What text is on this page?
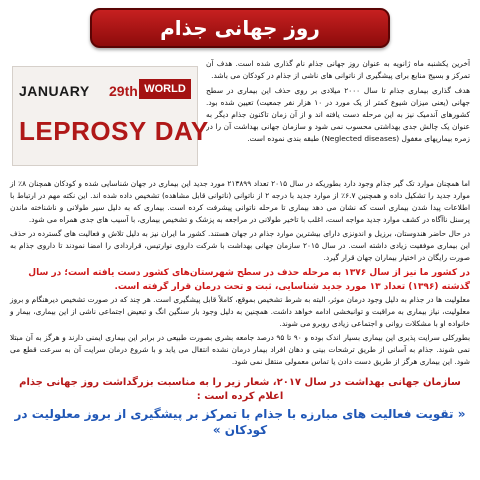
روز جهانی جذام
JANUARY 29th WORLD
LEPROSY DAY

آخرین یکشنبه ماه ژانویه به عنوان روز جهانی جذام نام گذاری شده است. هدف آن تمرکز و بسیج منابع برای پیشگیری از ناتوانی های ناشی از جذام در کودکان می باشد.

هدف گذاری بیماری جذام تا سال ۲۰۰۰ میلادی بر روی حذف این بیماری در سطح جهانی (یعنی میزان شیوع کمتر از یک مورد در ۱۰ هزار نفر جمعیت) تعیین شده بود. کشورهای آندمیک نیز به این مرحله دست یافته اند و از آن زمان تاکنون جذام دیگر به عنوان یک چالش جدی بهداشتی محسوب نمی شود و سازمان جهانی بهداشت آن را در زمره بیماریهای مغفول (Neglected diseases) طبقه بندی نموده است.

اما همچنان موارد تک گیر جذام وجود دارد بطوریکه در سال ۲۰۱۵ تعداد ۲۱۳۸۹۹ مورد جدید این بیماری در جهان شناسایی شده و کودکان همچنان ۸٪ از موارد جدید را تشکیل داده و همچنین ۶.۷٪ از موارد جدید با درجه ۲ از ناتوانی (ناتوانی قابل مشاهده) تشخیص داده شده اند. این نکته مهم در ارتباط با اطلاعات پیدا شدن بیماری است که نشان می دهد بیماری تا مرحله ناتوانی پیشرفت کرده است. بیماری که به دلیل سیر طولانی و ناشناخته ماندن پرسنل ناآگاه در کشف موارد جدید مواجه است، اغلب با تاخیر طولانی در مراجعه به پزشک و تشخیص بیماری، با آسیب های جدی همراه می شود.

در حال حاضر هندوستان، برزیل و اندونزی دارای بیشترین موارد جذام در جهان هستند. کشور ما ایران نیز به دلیل تلاش و فعالیت های گسترده در حذف این بیماری موفقیت زیادی داشته است. در سال ۲۰۱۵ سازمان جهانی بهداشت با شرکت داروی نوارتیس، قراردادی را امضا نمودند تا داروی جذام به صورت رایگان در اختیار بیماران جهان قرار گیرد.

در کشور ما نیز از سال ۱۳۷۶ به مرحله حذف در سطح شهرستان‌های کشور دست یافته است؛ در سال گذشته (۱۳۹۶) تعداد ۱۳ مورد جدید شناسایی، ثبت و تحت درمان قرار گرفته است.

معلولیت ها در جذام به دلیل وجود درمان موثر، البته به شرط تشخیص بموقع، کاملاً قابل پیشگیری است. هر چند که در صورت تشخیص دیرهنگام و بروز معلولیت، نیاز بیماری به مراقبت و توانبخشی ادامه خواهد داشت. همچنین به دلیل وجود بار سنگین انگ و تبعیض اجتماعی ناشی از این بیماری، بیمار و خانواده او با مشکلات روانی و اجتماعی زیادی روبرو می شوند.

بطورکلی سرایت پذیری این بیماری بسیار اندک بوده و ۹۰ تا ۹۵ درصد جامعه بشری بصورت طبیعی در برابر این بیماری ایمنی دارند و هرگز به آن مبتلا نمی شوند. جذام به آسانی از طریق ترشحات بینی و دهان افراد بیمار درمان نشده انتقال می یابد و با شروع درمان سرایت آن به سرعت قطع می شود. این بیماری هرگز از طریق دست دادن یا تماس معمولی منتقل نمی شود.

سازمان جهانی بهداشت در سال ۲۰۱۷، شعار زیر را به مناسبت بزرگداشت روز جهانی جذام اعلام کرده است :
« تقویت فعالیت های مبارزه با جذام با تمرکز بر پیشگیری از بروز معلولیت در کودکان »
